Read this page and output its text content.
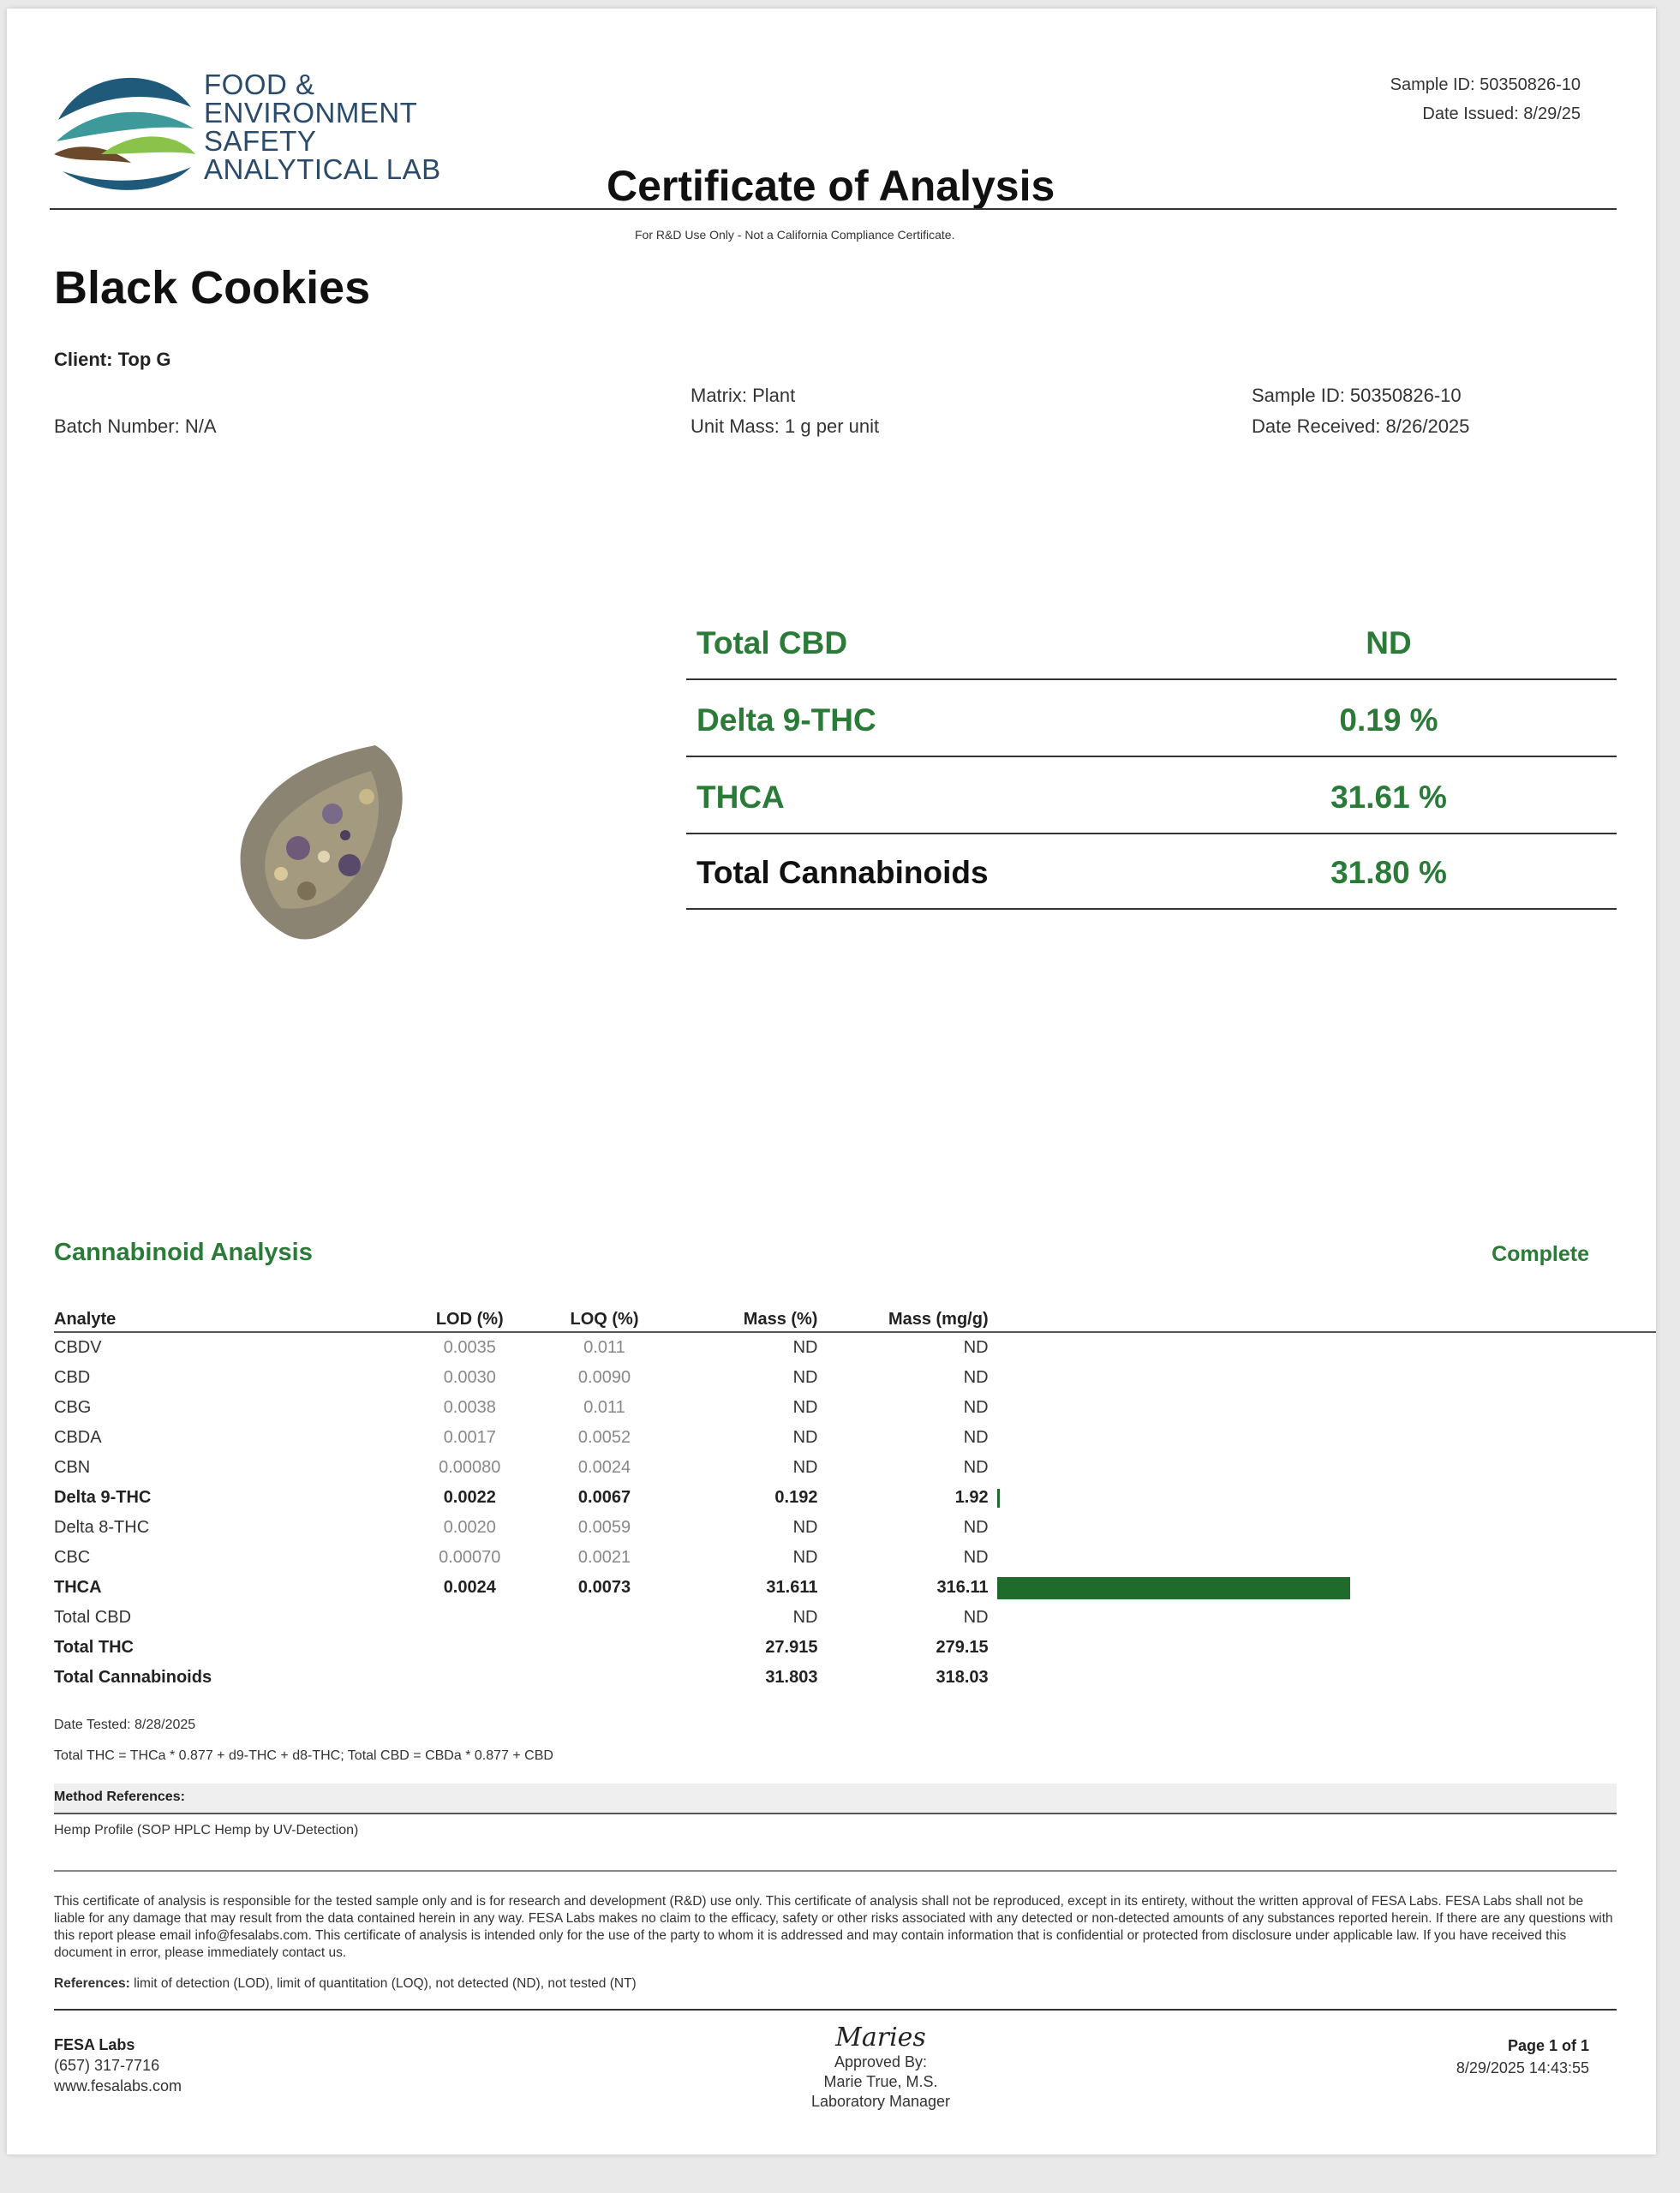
FOOD &
ENVIRONMENT
SAFETY
ANALYTICAL LAB	Certificate of Analysis
Sample ID: 50350826-10
Date Issued: 8/29/25
For R&D Use Only - Not a California Compliance Certificate.
Black Cookies
Client: Top G
Batch Number: N/A
Matrix: Plant
Unit Mass: 1 g per unit
Sample ID: 50350826-10
Date Received: 8/26/2025
Total CBD	ND
Delta 9-THC	0.19 %
THCA	31.61 %
Total Cannabinoids	31.80 %
Cannabinoid Analysis	Complete
Analyte	LOD (%)	LOQ (%)	Mass (%)	Mass (mg/g)	
CBDV	0.0035	0.011	ND	ND	
CBD	0.0030	0.0090	ND	ND	
CBG	0.0038	0.011	ND	ND	
CBDA	0.0017	0.0052	ND	ND	
CBN	0.00080	0.0024	ND	ND	
Delta 9-THC	0.0022	0.0067	0.192	1.92	
Delta 8-THC	0.0020	0.0059	ND	ND	
CBC	0.00070	0.0021	ND	ND	
THCA	0.0024	0.0073	31.611	316.11	
Total CBD			ND	ND	
Total THC			27.915	279.15	
Total Cannabinoids			31.803	318.03	
Date Tested: 8/28/2025
Total THC = THCa * 0.877 + d9-THC + d8-THC; Total CBD = CBDa * 0.877 + CBD
Method References:
Hemp Profile (SOP HPLC Hemp by UV-Detection)
This certificate of analysis is responsible for the tested sample only and is for research and development (R&D) use only. This certificate of analysis shall not be reproduced, except in its entirety, without the written approval of FESA Labs. FESA Labs shall not be liable for any damage that may result from the data contained herein in any way. FESA Labs makes no claim to the efficacy, safety or other risks associated with any detected or non-detected amounts of any substances reported herein. If there are any questions with this report please email info@fesalabs.com. This certificate of analysis is intended only for the use of the party to whom it is addressed and may contain information that is confidential or protected from disclosure under applicable law. If you have received this document in error, please immediately contact us.
References: limit of detection (LOD), limit of quantitation (LOQ), not detected (ND), not tested (NT)
FESA Labs
(657) 317-7716
www.fesalabs.com
Maries
Approved By:
Marie True, M.S.
Laboratory Manager
Page 1 of 1
8/29/2025 14:43:55
